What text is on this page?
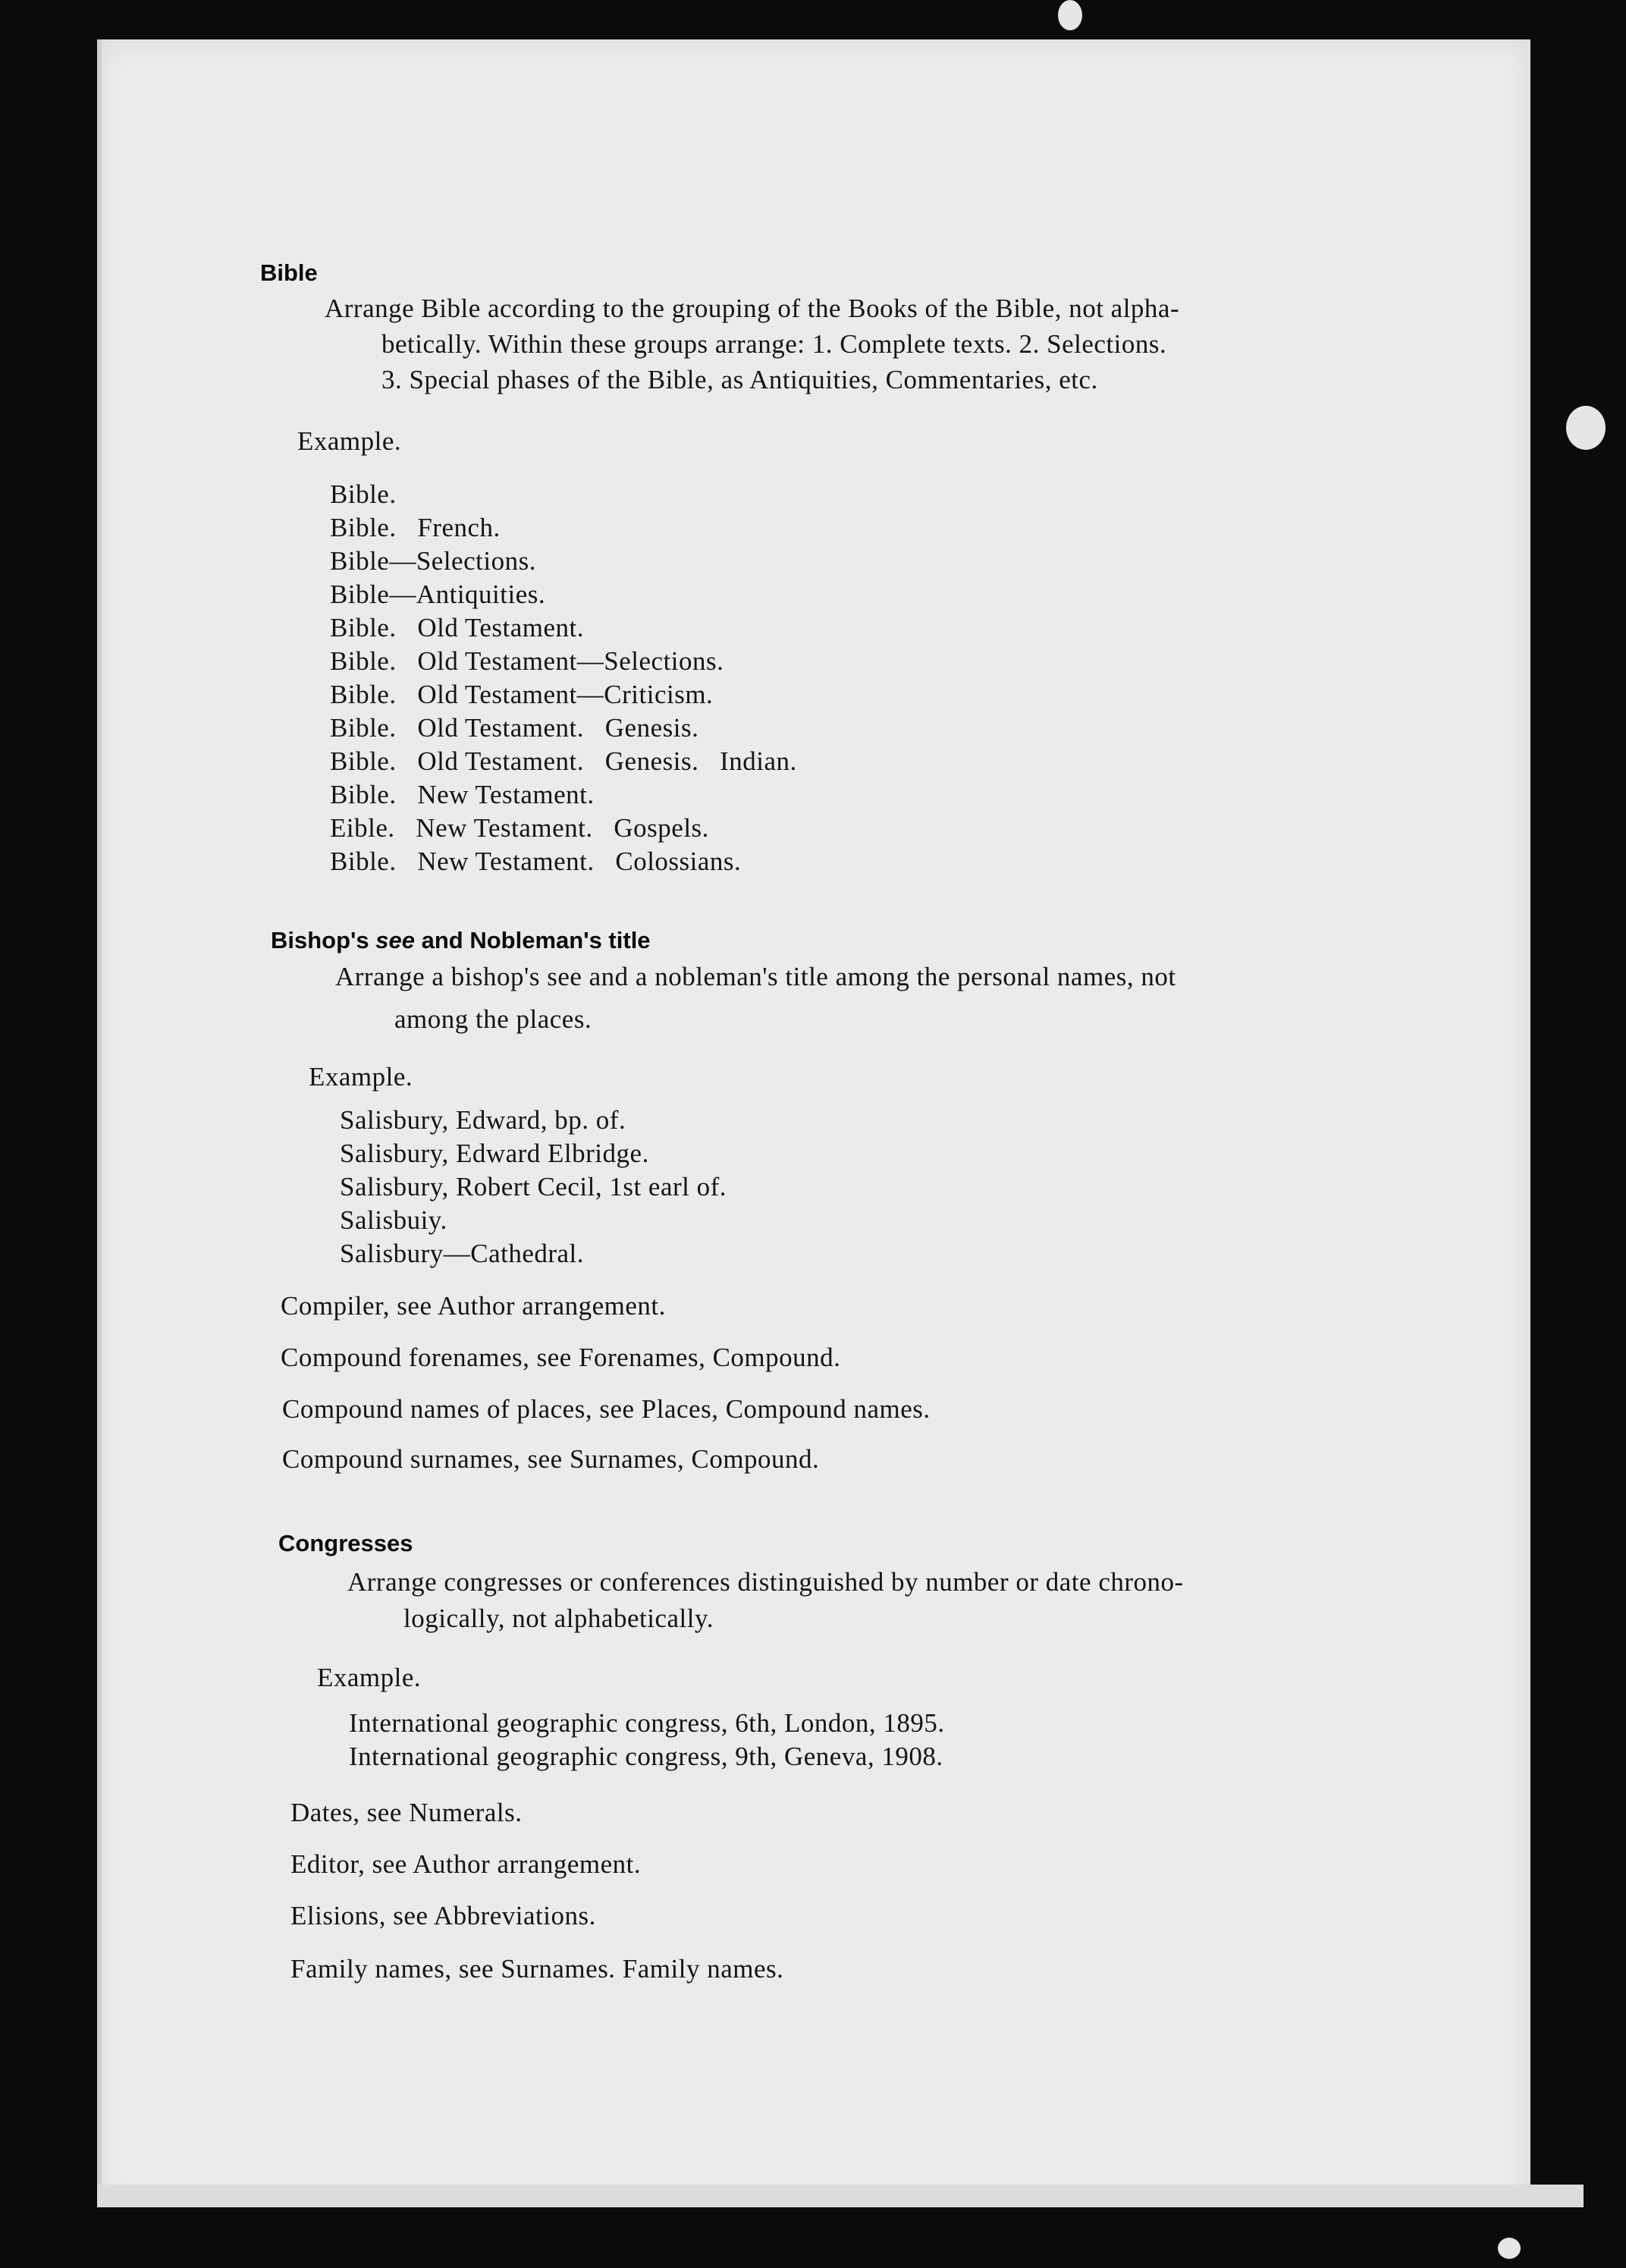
Bible
Arrange Bible according to the grouping of the Books of the Bible, not alpha-
betically. Within these groups arrange: 1. Complete texts. 2. Selections.
3. Special phases of the Bible, as Antiquities, Commentaries, etc.
Example.
Bible.
Bible.   French.
Bible—Selections.
Bible—Antiquities.
Bible.   Old Testament.
Bible.   Old Testament—Selections.
Bible.   Old Testament—Criticism.
Bible.   Old Testament.   Genesis.
Bible.   Old Testament.   Genesis.   Indian.
Bible.   New Testament.
Eible.   New Testament.   Gospels.
Bible.   New Testament.   Colossians.
Bishop's see and Nobleman's title
Arrange a bishop's see and a nobleman's title among the personal names, not
among the places.
Example.
Salisbury, Edward, bp. of.
Salisbury, Edward Elbridge.
Salisbury, Robert Cecil, 1st earl of.
Salisbuiy.
Salisbury—Cathedral.
Compiler, see Author arrangement.
Compound forenames, see Forenames, Compound.
Compound names of places, see Places, Compound names.
Compound surnames, see Surnames, Compound.
Congresses
Arrange congresses or conferences distinguished by number or date chrono-
logically, not alphabetically.
Example.
International geographic congress, 6th, London, 1895.
International geographic congress, 9th, Geneva, 1908.
Dates, see Numerals.
Editor, see Author arrangement.
Elisions, see Abbreviations.
Family names, see Surnames. Family names.
